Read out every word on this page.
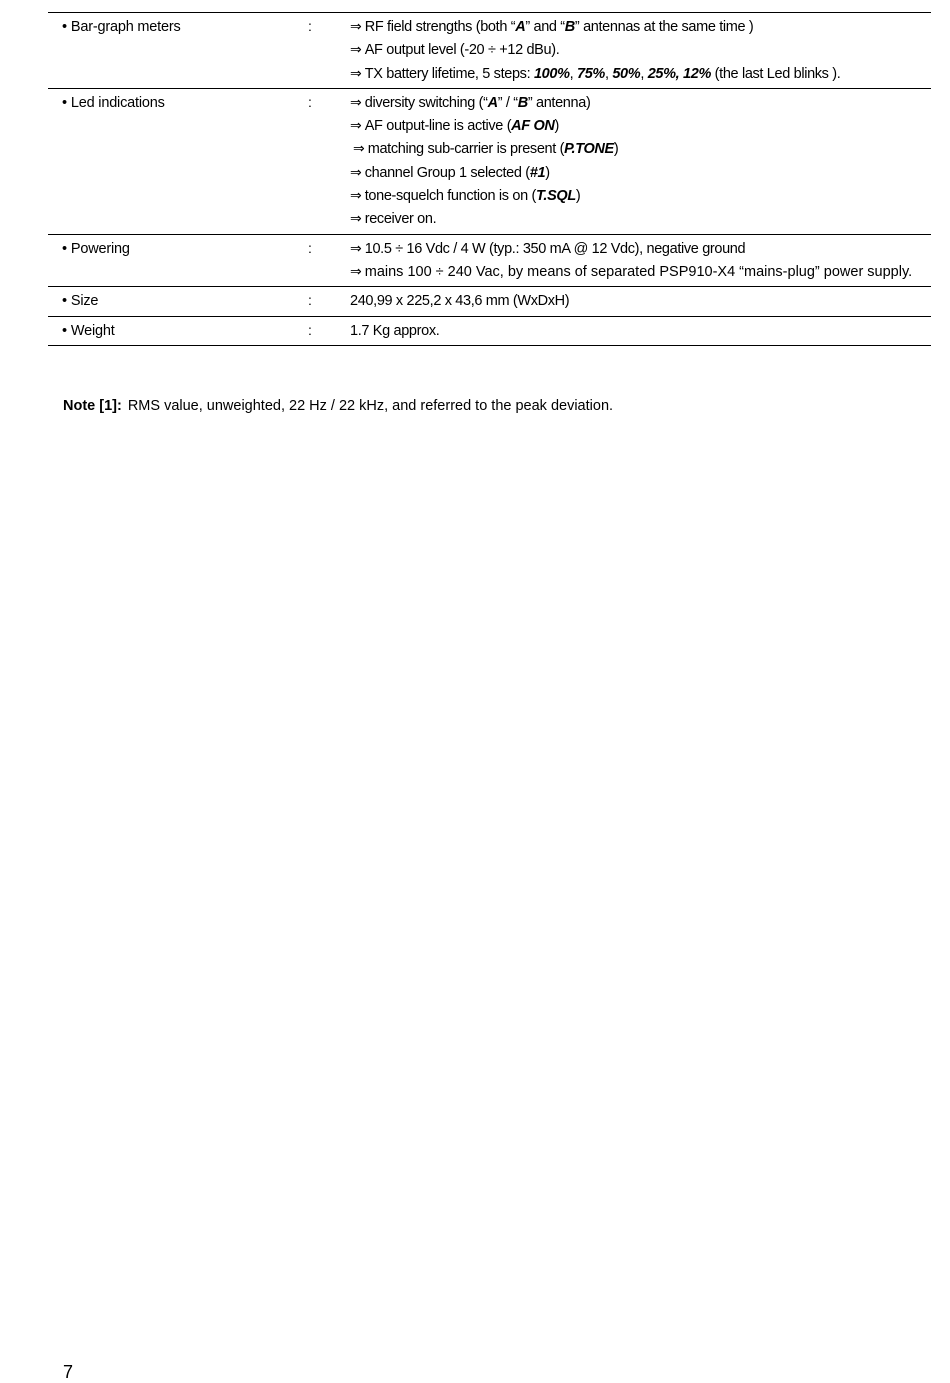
• Bar-graph meters	:	⇒ RF field strengths (both “A” and “B” antennas at the same time )
⇒ AF output level (-20 ÷ +12 dBu).
⇒ TX battery lifetime, 5 steps: 100%, 75%, 50%, 25%, 12% (the last Led blinks ).
• Led indications	:	⇒ diversity switching (“A” / “B” antenna)
⇒ AF output-line is active (AF ON)
⇒ matching sub-carrier is present (P.TONE)
⇒ channel Group 1 selected (#1)
⇒ tone-squelch function is on (T.SQL)
⇒ receiver on.
• Powering	:	⇒ 10.5 ÷ 16 Vdc / 4 W (typ.: 350 mA @ 12 Vdc), negative ground
⇒ mains 100 ÷ 240 Vac, by means of separated PSP910-X4 “mains-plug” power supply.
• Size	:	240,99 x 225,2 x 43,6 mm (WxDxH)
• Weight	:	1.7 Kg approx.
Note [1]: RMS value, unweighted, 22 Hz / 22 kHz, and referred to the peak deviation.
7
